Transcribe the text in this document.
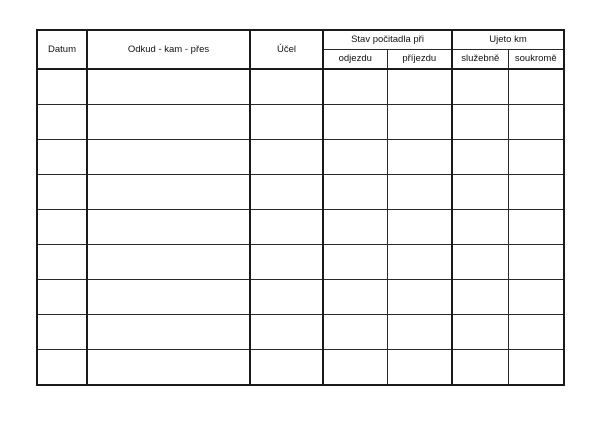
Datum	Odkud - kam - přes	Účel	Stav počitadla při		Ujeto km	
			odjezdu	příjezdu	služebně	soukromě
